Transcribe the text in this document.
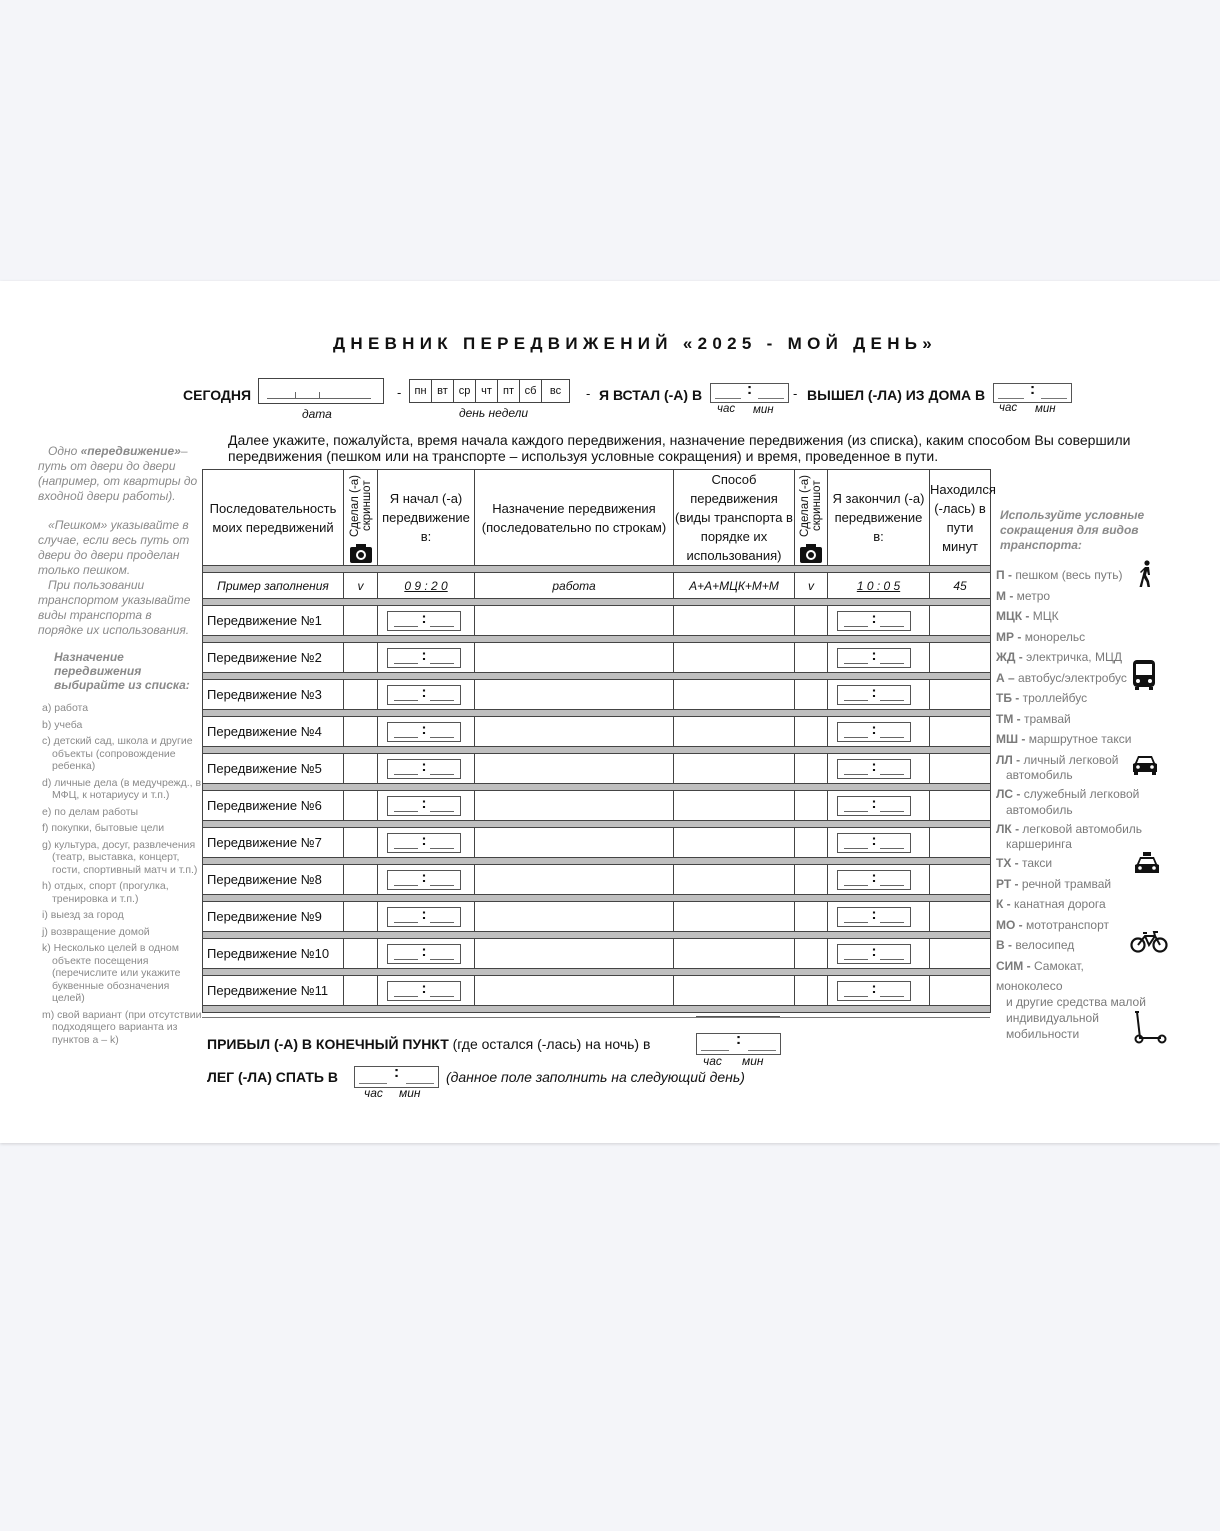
ДНЕВНИК ПЕРЕДВИЖЕНИЙ «2025 - МОЙ ДЕНЬ»
СЕГОДНЯ
дата
-	пн вт ср чт	пт сб	вс
день недели
- Я ВСТАЛ (-А) В	:
час мин
- ВЫШЕЛ (-ЛА) ИЗ ДОМА В	:
час мин
Далее укажите, пожалуйста, время начала каждого передвижения, назначение передвижения (из списка), каким способом Вы совершили передвижения (пешком или на транспорте – используя условные сокращения) и время, проведенное в пути.
Одно «передвижение»– путь от двери до двери (например, от квартиры до входной двери работы).
«Пешком» указывайте в случае, если весь путь от двери до двери проделан только пешком.
При пользовании транспортом указывайте виды транспорта в порядке их использования.
Назначение передвижения выбирайте из списка:
a) работа
b) учеба
c) детский сад, школа и другие объекты (сопровождение ребенка)
d) личные дела (в медучрежд., в МФЦ, к нотариусу и т.п.)
e) по делам работы
f) покупки, бытовые цели
g) культура, досуг, развлечения (театр, выставка, концерт, гости, спортивный матч и т.п.)
h) отдых, спорт (прогулка, тренировка и т.п.)
i) выезд за город
j) возвращение домой
k) Несколько целей в одном объекте посещения (перечислите или укажите буквенные обозначения целей)
m) свой вариант (при отсутствии подходящего варианта из пунктов a – k)
Последовательность моих передвижений	Сделал (-а) скриншот	Я начал (-а) передвижение в:	Назначение передвижения (последовательно по строкам)	Способ передвижения (виды транспорта в порядке их использования)	Сделал (-а) скриншот	Я закончил (-а) передвижение в:	Находился (-лась) в пути минут

Пример заполнения	v	0 9 : 2 0	работа	А+А+МЦК+М+М	v	1 0 : 0 5	45

Передвижение №1		:				:	

Передвижение №2		:				:	

Передвижение №3		:				:	

Передвижение №4		:				:	

Передвижение №5		:				:	

Передвижение №6		:				:	

Передвижение №7		:				:	

Передвижение №8		:				:	

Передвижение №9		:				:	

Передвижение №10		:				:	

Передвижение №11		:				:	

Используйте условные сокращения для видов транспорта:
П - пешком (весь путь)
М - метро
МЦК - МЦК
МР - монорельс
ЖД - электричка, МЦД
А – автобус/электробус
ТБ - троллейбус
ТМ - трамвай
МШ - маршрутное такси
ЛЛ - личный легковой
автомобиль
ЛС - служебный легковой
автомобиль
ЛК - легковой автомобиль
каршеринга
ТХ - такси
РТ - речной трамвай
К - канатная дорога
МО - мототранспорт
В - велосипед
СИМ - Самокат, моноколесо
и другие средства малой индивидуальной мобильности
ПРИБЫЛ (-А) В КОНЕЧНЫЙ ПУНКТ (где остался (-лась) на ночь) в	:
час мин
ЛЕГ (-ЛА) СПАТЬ В	:
час мин
(данное поле заполнить на следующий день)
